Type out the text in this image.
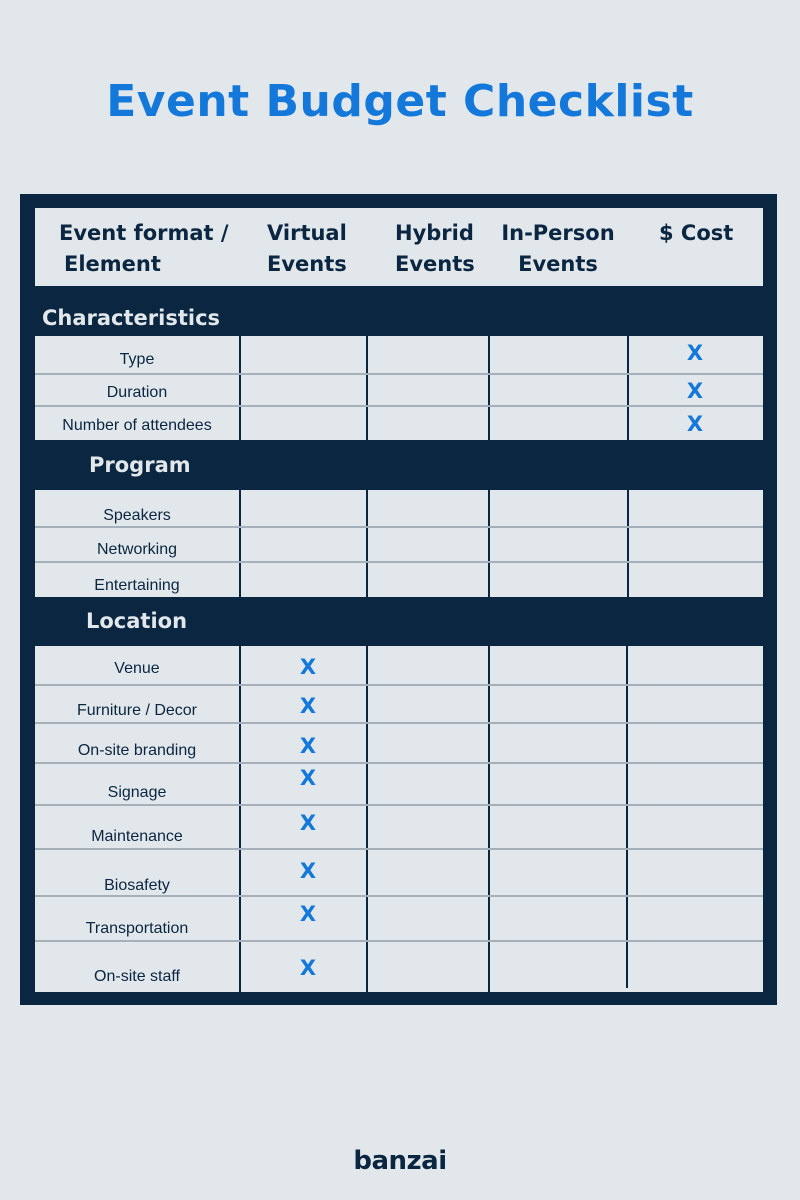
Event Budget Checklist
Event format /
Element
Virtual
Events
Hybrid
Events
In-Person
Events
$ Cost
Characteristics
Type
Duration
Number of attendees
X
X
X
Program
Speakers
Networking
Entertaining
Location
Venue
Furniture / Decor
On-site branding
Signage
Maintenance
Biosafety
Transportation
On-site staff
X
X
X
X
X
X
X
X
banzai
